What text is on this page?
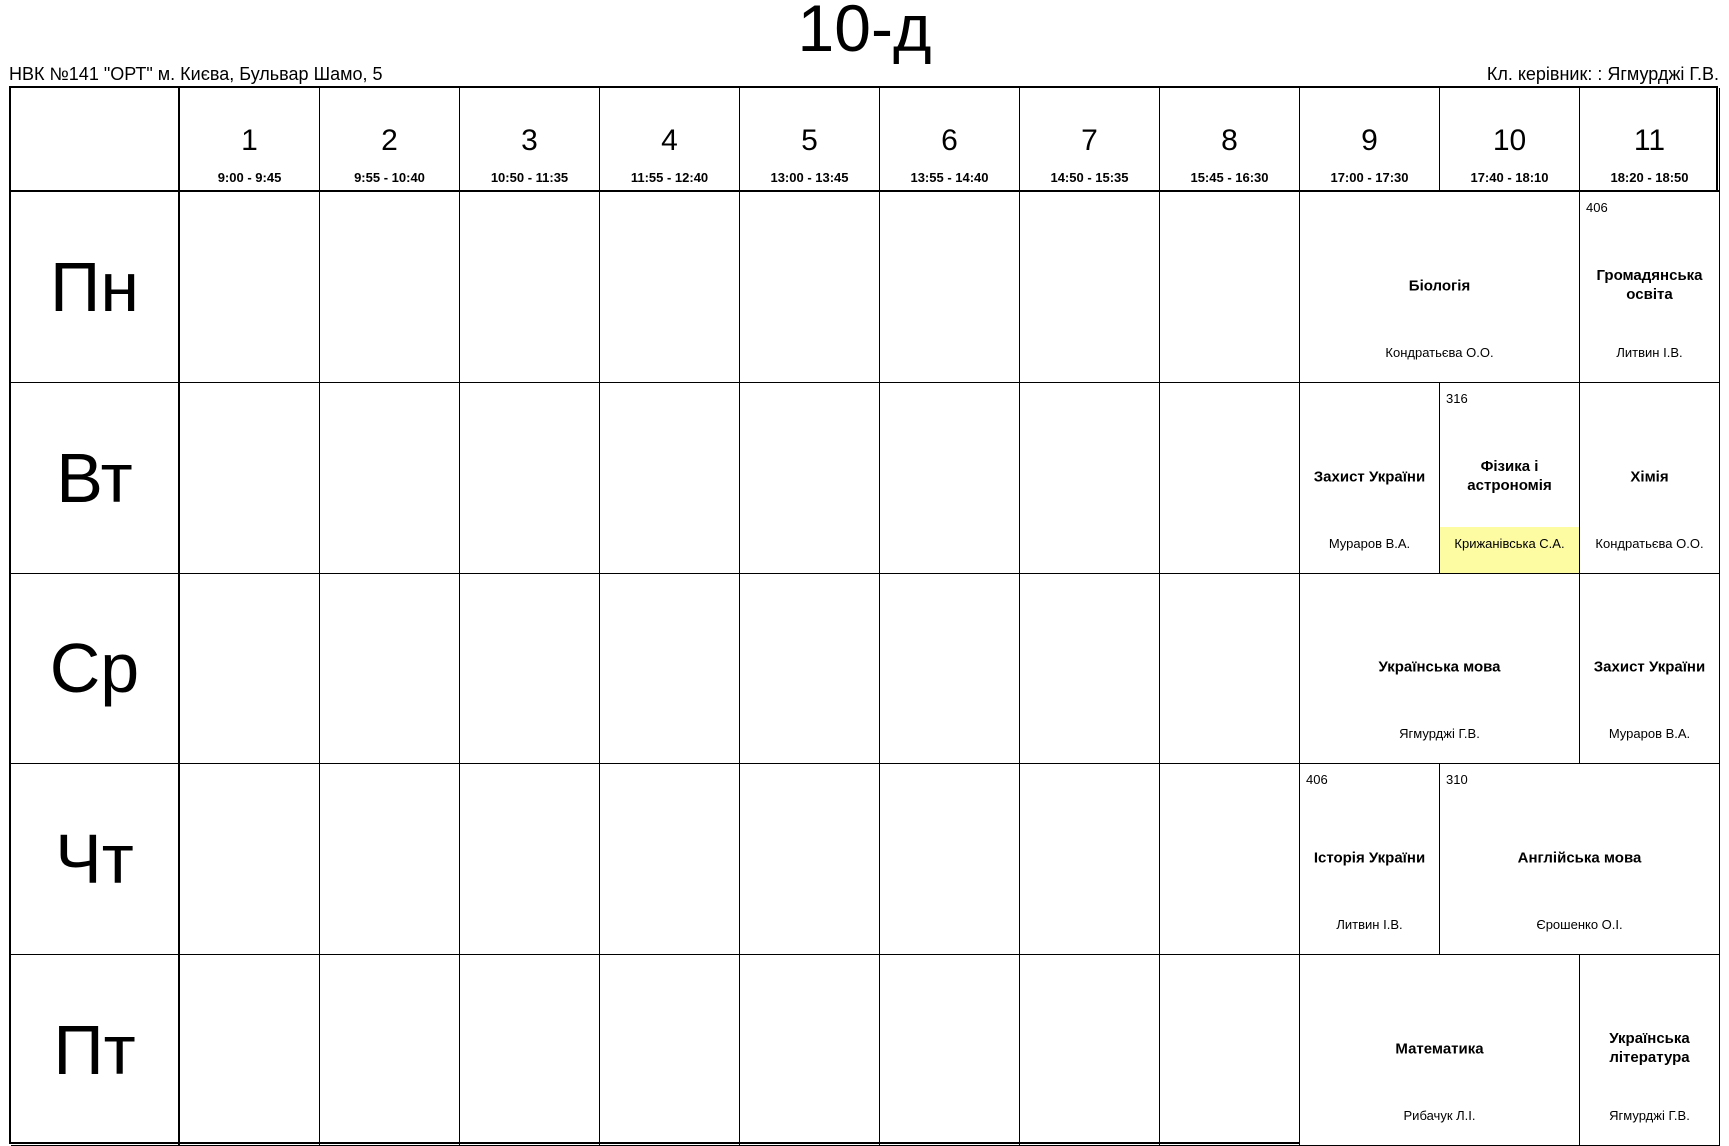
10-д
НВК №141 "ОРТ" м. Києва, Бульвар Шамо, 5	Кл. керівник: : Ягмурджі Г.В.
1
9:00 - 9:45
2
9:55 - 10:40
3
10:50 - 11:35
4
11:55 - 12:40
5
13:00 - 13:45
6
13:55 - 14:40
7
14:50 - 15:35
8
15:45 - 16:30
9
17:00 - 17:30
10
17:40 - 18:10
11
18:20 - 18:50
Пн
Вт
Ср
Чт
Пт
Біологія
Кондратьєва О.О.
406
Громадянська освіта
Литвин І.В.
Захист України
Мураров В.А.
316
Фізика і астрономія
Крижанівська С.А.
Хімія
Кондратьєва О.О.
Українська мова
Ягмурджі Г.В.
Захист України
Мураров В.А.
406
Історія України
Литвин І.В.
310
Англійська мова
Єрошенко О.І.
Математика
Рибачук Л.І.
Українська література
Ягмурджі Г.В.
